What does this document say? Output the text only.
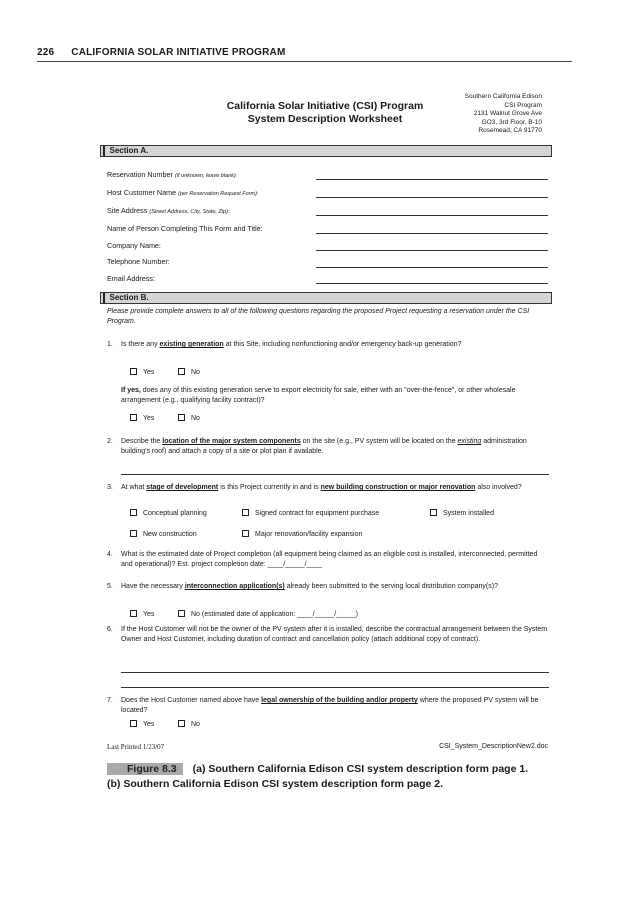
226 CALIFORNIA SOLAR INITIATIVE PROGRAM
California Solar Initiative (CSI) Program
System Description Worksheet
Southern California Edison
CSI Program
2131 Walnut Grove Ave
GO3, 3rd Floor, B-10
Rosemead, CA 91770
Section A.
Reservation Number (if unknown, leave blank):
Host Customer Name (per Reservation Request Form):
Site Address (Street Address, City, State, Zip):
Name of Person Completing This Form and Title:
Company Name:
Telephone Number:
Email Address:
Section B.
Please provide complete answers to all of the following questions regarding the proposed Project requesting a reservation under the CSI Program.
1. Is there any existing generation at this Site, including nonfunctioning and/or emergency back-up generation?
Yes	No
If yes, does any of this existing generation serve to export electricity for sale, either with an "over-the-fence", or other wholesale arrangement (e.g., qualifying facility contract)?
Yes	No
2. Describe the location of the major system components on the site (e.g., PV system will be located on the existing administration building's roof) and attach a copy of a site or plot plan if available.
3. At what stage of development is this Project currently in and is new building construction or major renovation also involved?
Conceptual planning	Signed contract for equipment purchase	System installed
New construction	Major renovation/facility expansion
4. What is the estimated date of Project completion (all equipment being claimed as an eligible cost is installed, interconnected, permitted and operational)? Est. project completion date: ____/_____/____
5. Have the necessary interconnection application(s) already been submitted to the serving local distribution company(s)?
Yes	No (estimated date of application: ____/_____/_____)
6. If the Host Customer will not be the owner of the PV system after it is installed, describe the contractual arrangement between the System Owner and Host Customer, including duration of contract and cancellation policy (attach additional copy of contract).
7. Does the Host Customer named above have legal ownership of the building and/or property where the proposed PV system will be located?
Yes	No
Last Printed 1/23/07	CSI_System_DescriptionNew2.doc
Figure 8.3 (a) Southern California Edison CSI system description form page 1.
(b) Southern California Edison CSI system description form page 2.
